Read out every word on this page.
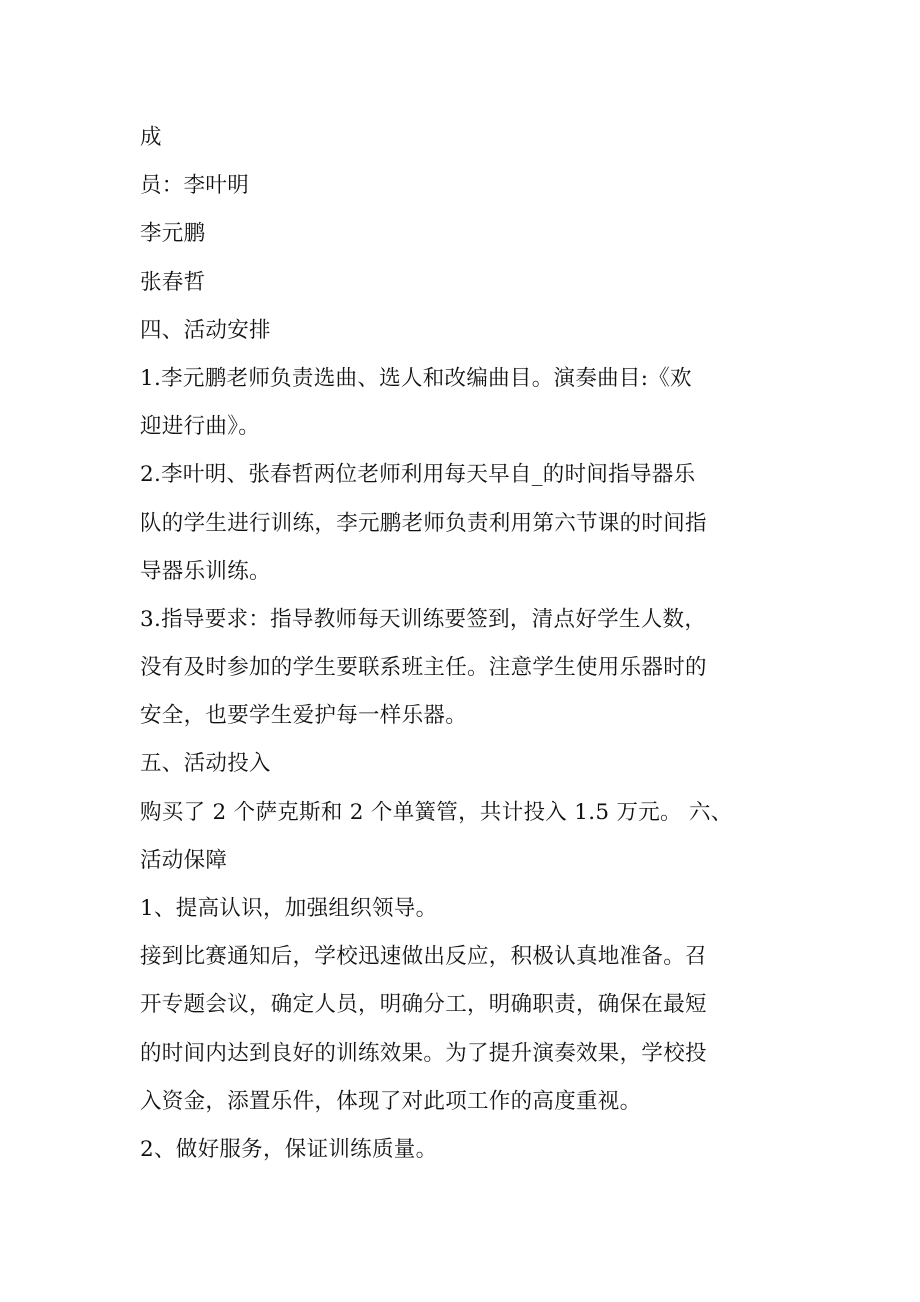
成
员：李叶明
李元鹏
张春哲
四、活动安排
1.李元鹏老师负责选曲、选人和改编曲目。演奏曲目:《欢
迎进行曲》。
2.李叶明、张春哲两位老师利用每天早自_的时间指导器乐
队的学生进行训练，李元鹏老师负责利用第六节课的时间指
导器乐训练。
3.指导要求：指导教师每天训练要签到，清点好学生人数，
没有及时参加的学生要联系班主任。注意学生使用乐器时的
安全，也要学生爱护每一样乐器。
五、活动投入
购买了 2 个萨克斯和 2 个单簧管，共计投入 1.5 万元。 六、
活动保障
1、提高认识，加强组织领导。
接到比赛通知后，学校迅速做出反应，积极认真地准备。召
开专题会议，确定人员，明确分工，明确职责，确保在最短
的时间内达到良好的训练效果。为了提升演奏效果，学校投
入资金，添置乐件，体现了对此项工作的高度重视。
2、做好服务，保证训练质量。
